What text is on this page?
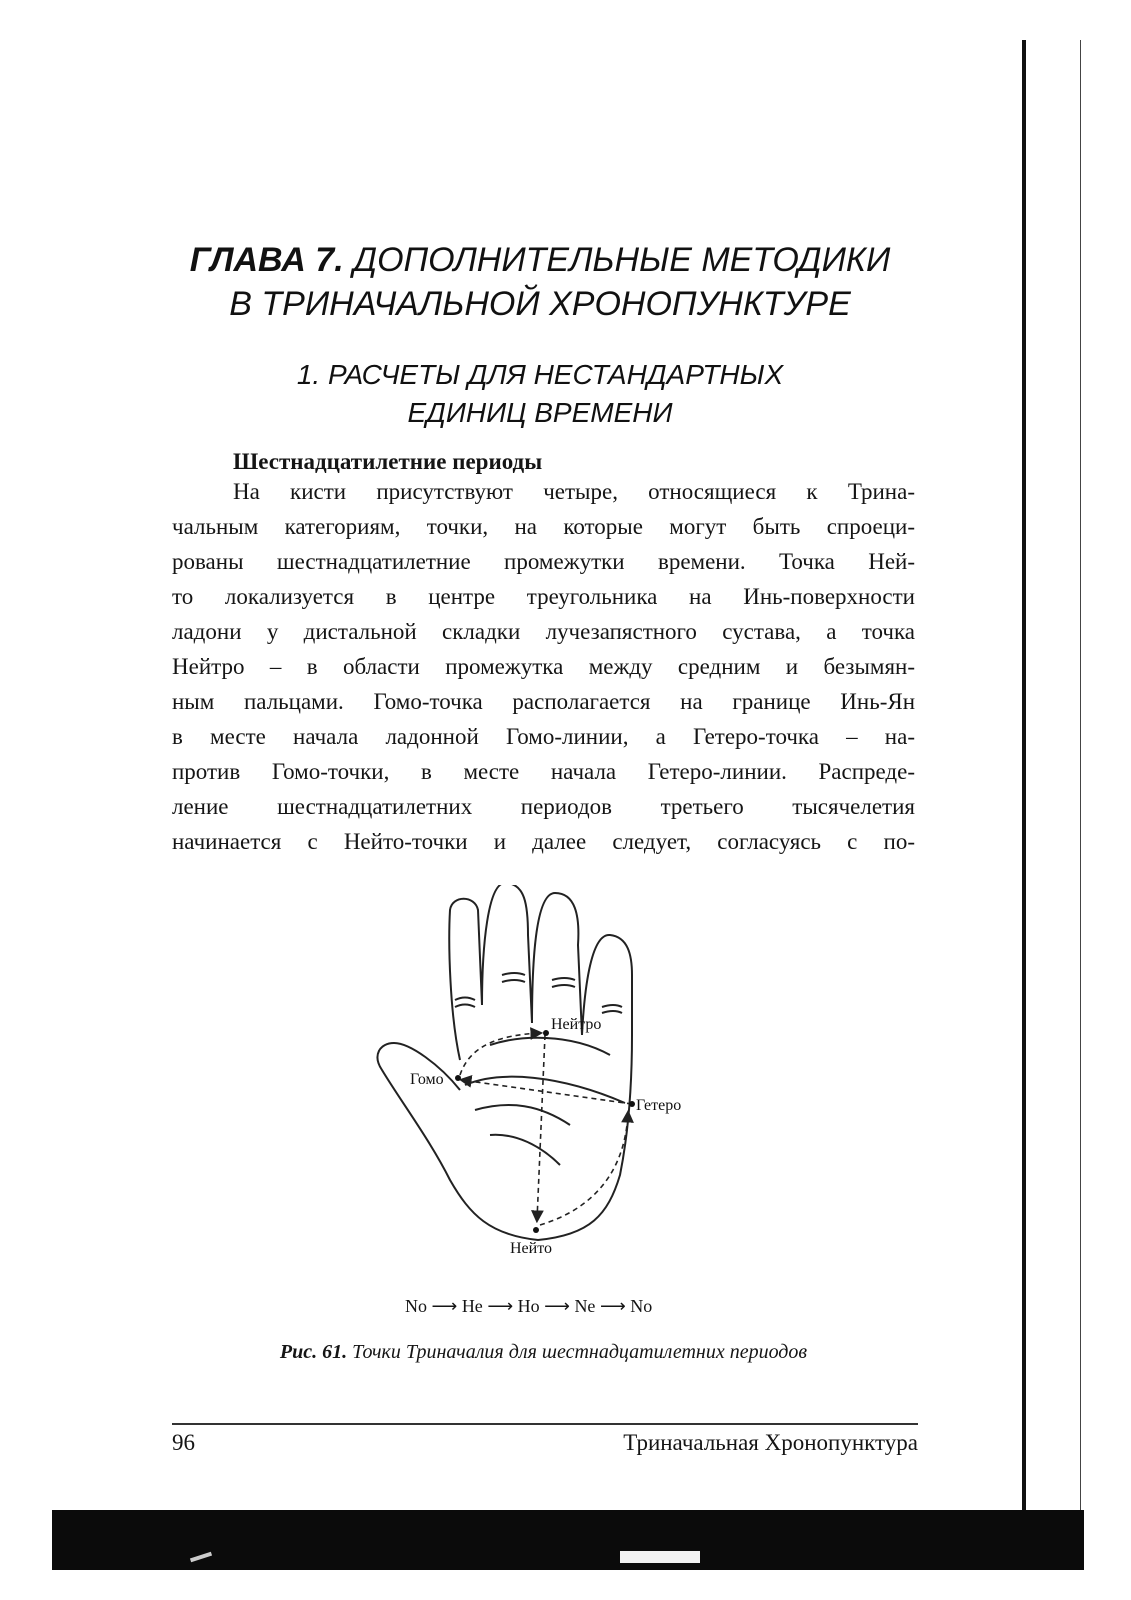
ГЛАВА 7. ДОПОЛНИТЕЛЬНЫЕ МЕТОДИКИ
В ТРИНАЧАЛЬНОЙ ХРОНОПУНКТУРЕ
1. РАСЧЕТЫ ДЛЯ НЕСТАНДАРТНЫХ
ЕДИНИЦ ВРЕМЕНИ
Шестнадцатилетние периоды
На кисти присутствуют четыре, относящиеся к Трина-
чальным категориям, точки, на которые могут быть спроеци-
рованы шестнадцатилетние промежутки времени. Точка Ней-
то локализуется в центре треугольника на Инь-поверхности
ладони у дистальной складки лучезапястного сустава, а точка
Нейтро – в области промежутка между средним и безымян-
ным пальцами. Гомо-точка располагается на границе Инь-Ян
в месте начала ладонной Гомо-линии, а Гетеро-точка – на-
против Гомо-точки, в месте начала Гетеро-линии. Распреде-
ление шестнадцатилетних периодов третьего тысячелетия
начинается с Нейто-точки и далее следует, согласуясь с по-
Нейтро
Гомо
Гетеро
Нейто
No ⟶ He ⟶ Ho ⟶ Ne ⟶ No
Рис. 61. Точки Триначалия для шестнадцатилетних периодов
96	Триначальная Хронопунктура
